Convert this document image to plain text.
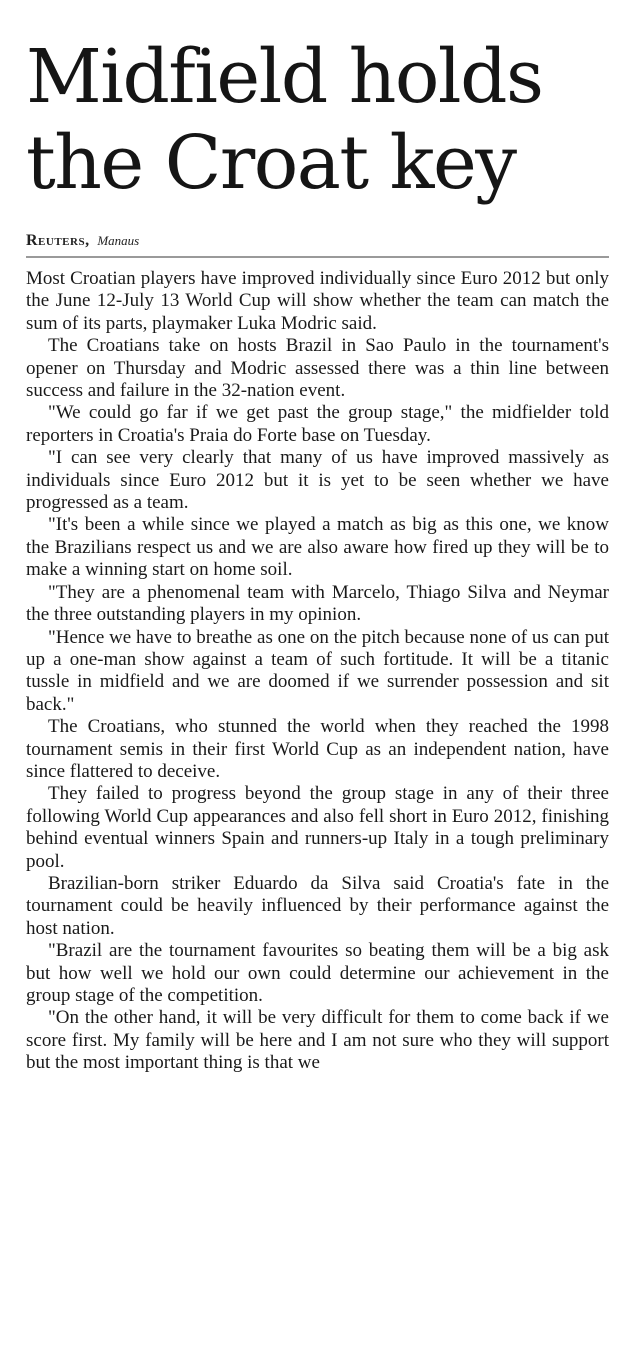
Midfield holds
the Croat key
Reuters, Manaus

Most Croatian players have improved individually since Euro 2012 but only the June 12-July 13 World Cup will show whether the team can match the sum of its parts, playmaker Luka Modric said.

The Croatians take on hosts Brazil in Sao Paulo in the tournament's opener on Thursday and Modric assessed there was a thin line between success and failure in the 32-nation event.

"We could go far if we get past the group stage," the midfielder told reporters in Croatia's Praia do Forte base on Tuesday.

"I can see very clearly that many of us have improved massively as individuals since Euro 2012 but it is yet to be seen whether we have progressed as a team.

"It's been a while since we played a match as big as this one, we know the Brazilians respect us and we are also aware how fired up they will be to make a winning start on home soil.

"They are a phenomenal team with Marcelo, Thiago Silva and Neymar the three outstanding players in my opinion.

"Hence we have to breathe as one on the pitch because none of us can put up a one-man show against a team of such fortitude. It will be a titanic tussle in midfield and we are doomed if we surrender possession and sit back."

The Croatians, who stunned the world when they reached the 1998 tournament semis in their first World Cup as an independent nation, have since flattered to deceive.

They failed to progress beyond the group stage in any of their three following World Cup appearances and also fell short in Euro 2012, finishing behind eventual winners Spain and runners-up Italy in a tough preliminary pool.

Brazilian-born striker Eduardo da Silva said Croatia's fate in the tournament could be heavily influenced by their performance against the host nation.

"Brazil are the tournament favourites so beating them will be a big ask but how well we hold our own could determine our achievement in the group stage of the competition.

"On the other hand, it will be very difficult for them to come back if we score first. My family will be here and I am not sure who they will support but the most important thing is that we
